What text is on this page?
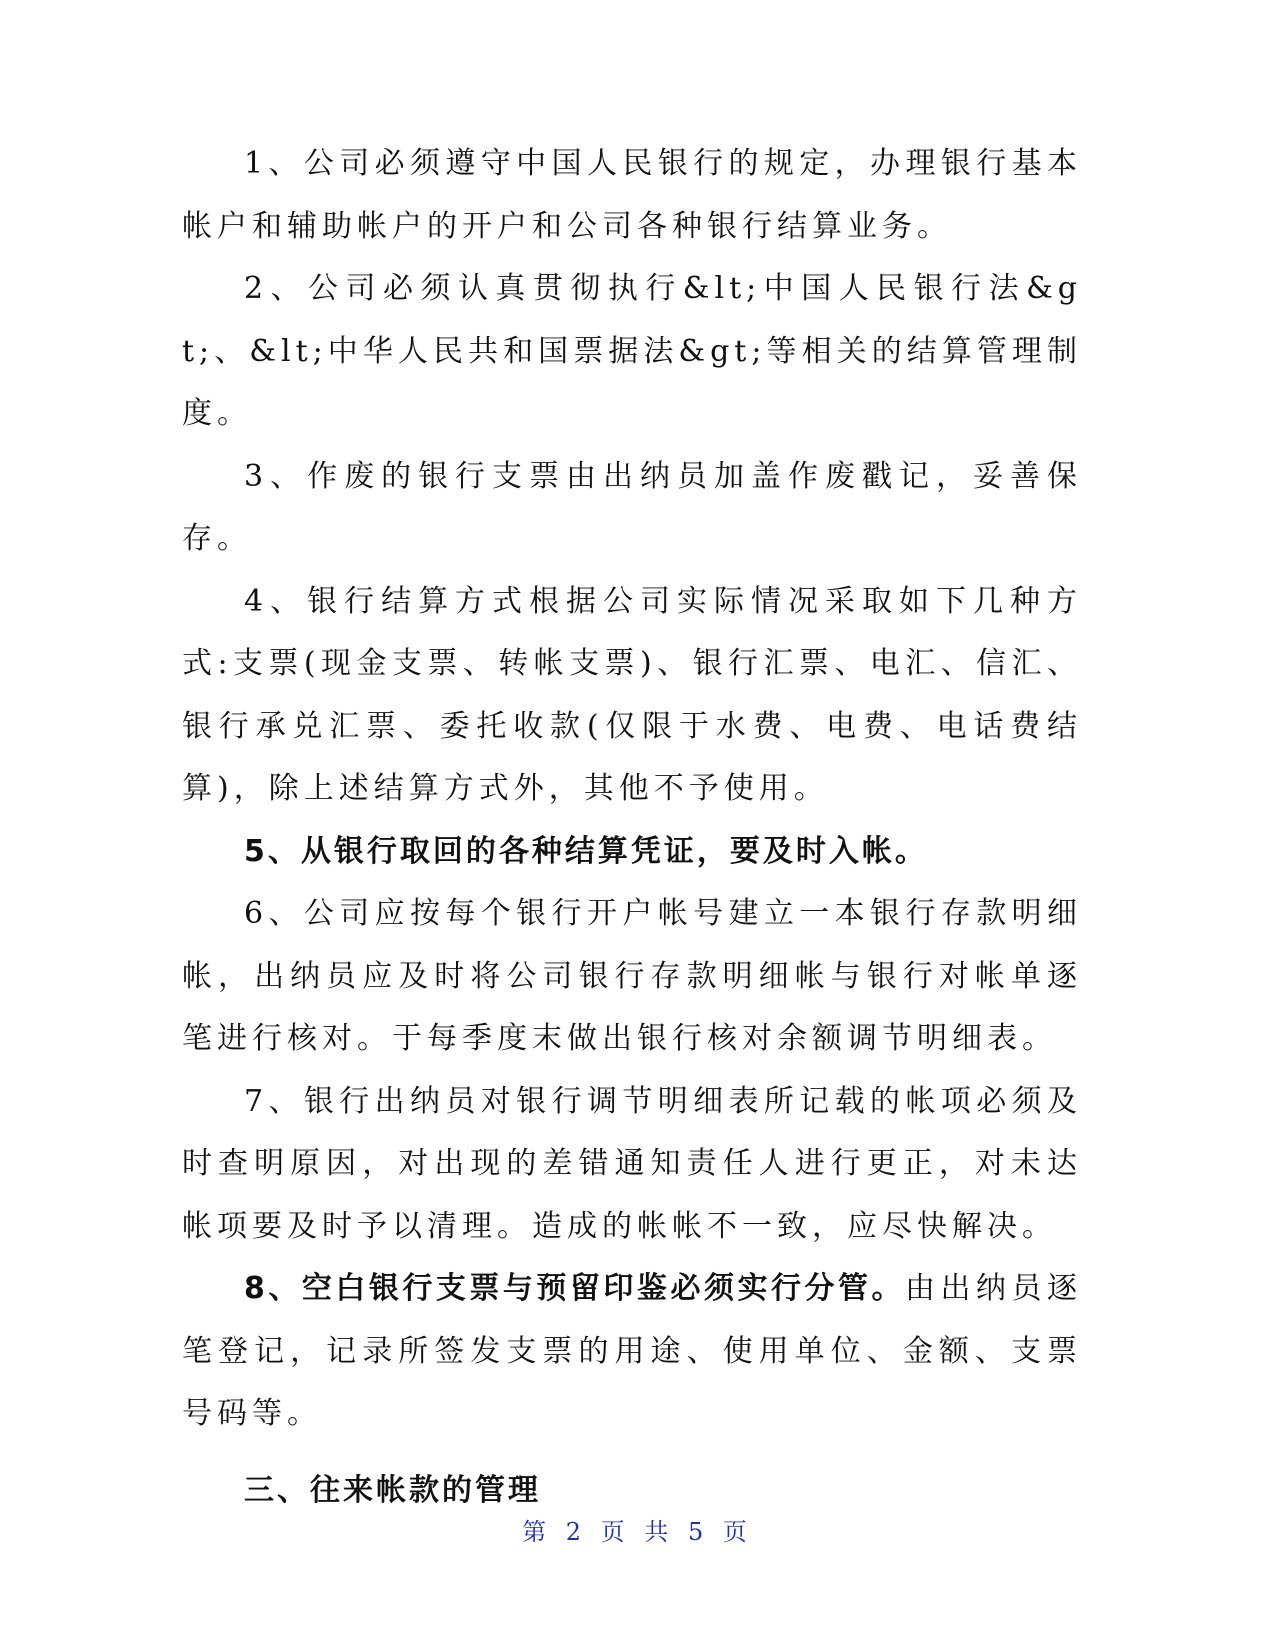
1、公司必须遵守中国人民银行的规定，办理银行基本帐户和辅助帐户的开户和公司各种银行结算业务。

2、公司必须认真贯彻执行&lt;中国人民银行法&gt;、&lt;中华人民共和国票据法&gt;等相关的结算管理制度。

3、作废的银行支票由出纳员加盖作废戳记，妥善保存。

4、银行结算方式根据公司实际情况采取如下几种方式:支票(现金支票、转帐支票)、银行汇票、电汇、信汇、银行承兑汇票、委托收款(仅限于水费、电费、电话费结算)，除上述结算方式外，其他不予使用。

5、从银行取回的各种结算凭证，要及时入帐。

6、公司应按每个银行开户帐号建立一本银行存款明细帐，出纳员应及时将公司银行存款明细帐与银行对帐单逐笔进行核对。于每季度末做出银行核对余额调节明细表。

7、银行出纳员对银行调节明细表所记载的帐项必须及时查明原因，对出现的差错通知责任人进行更正，对未达帐项要及时予以清理。造成的帐帐不一致，应尽快解决。

8、空白银行支票与预留印鉴必须实行分管。由出纳员逐笔登记，记录所签发支票的用途、使用单位、金额、支票号码等。

三、往来帐款的管理

第 2 页 共 5 页
